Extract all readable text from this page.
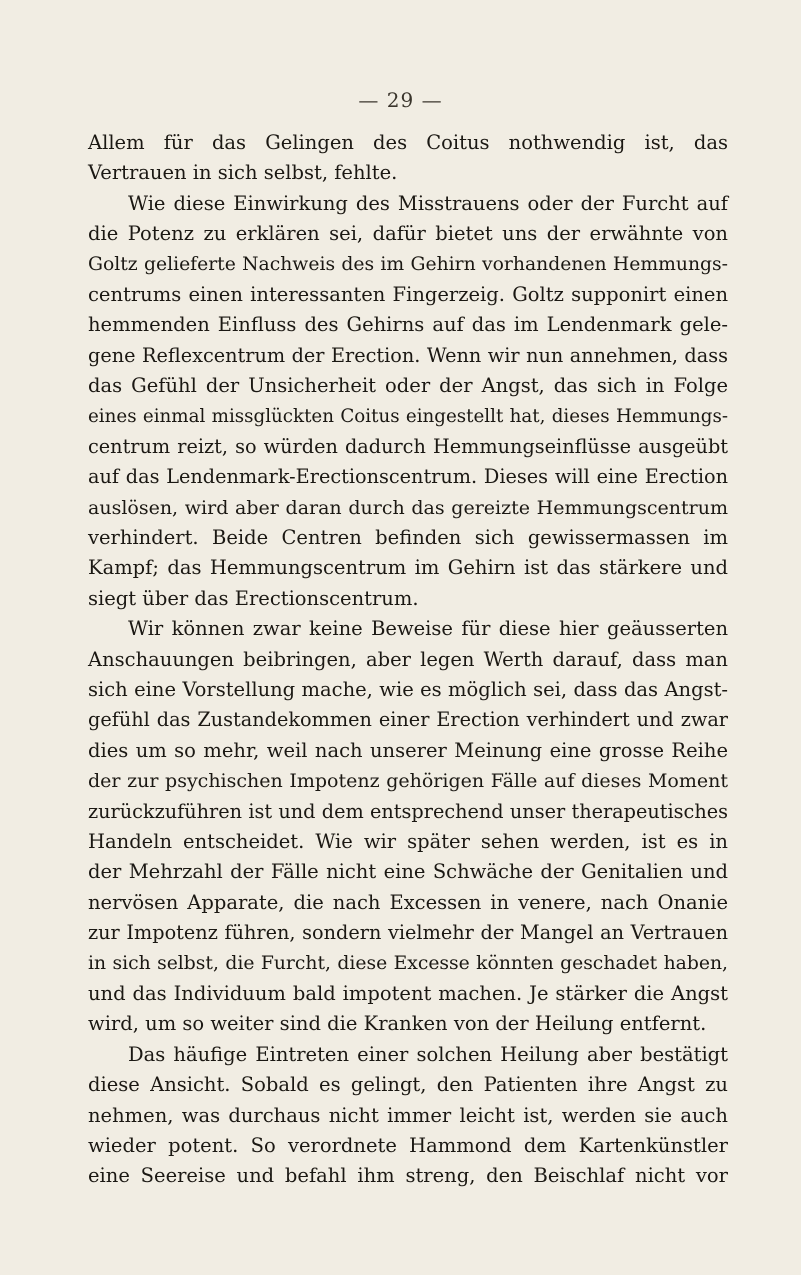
— 29 —
Allem für das Gelingen des Coitus nothwendig ist, das
Vertrauen in sich selbst, fehlte.
Wie diese Einwirkung des Misstrauens oder der Furcht auf
die Potenz zu erklären sei, dafür bietet uns der erwähnte von
Goltz gelieferte Nachweis des im Gehirn vorhandenen Hemmungs-
centrums einen interessanten Fingerzeig. Goltz supponirt einen
hemmenden Einfluss des Gehirns auf das im Lendenmark gele-
gene Reflexcentrum der Erection. Wenn wir nun annehmen, dass
das Gefühl der Unsicherheit oder der Angst, das sich in Folge
eines einmal missglückten Coitus eingestellt hat, dieses Hemmungs-
centrum reizt, so würden dadurch Hemmungseinflüsse ausgeübt
auf das Lendenmark-Erectionscentrum. Dieses will eine Erection
auslösen, wird aber daran durch das gereizte Hemmungscentrum
verhindert. Beide Centren befinden sich gewissermassen im
Kampf; das Hemmungscentrum im Gehirn ist das stärkere und
siegt über das Erectionscentrum.
Wir können zwar keine Beweise für diese hier geäusserten
Anschauungen beibringen, aber legen Werth darauf, dass man
sich eine Vorstellung mache, wie es möglich sei, dass das Angst-
gefühl das Zustandekommen einer Erection verhindert und zwar
dies um so mehr, weil nach unserer Meinung eine grosse Reihe
der zur psychischen Impotenz gehörigen Fälle auf dieses Moment
zurückzuführen ist und dem entsprechend unser therapeutisches
Handeln entscheidet. Wie wir später sehen werden, ist es in
der Mehrzahl der Fälle nicht eine Schwäche der Genitalien und
nervösen Apparate, die nach Excessen in venere, nach Onanie
zur Impotenz führen, sondern vielmehr der Mangel an Vertrauen
in sich selbst, die Furcht, diese Excesse könnten geschadet haben,
und das Individuum bald impotent machen. Je stärker die Angst
wird, um so weiter sind die Kranken von der Heilung entfernt.
Das häufige Eintreten einer solchen Heilung aber bestätigt
diese Ansicht. Sobald es gelingt, den Patienten ihre Angst zu
nehmen, was durchaus nicht immer leicht ist, werden sie auch
wieder potent. So verordnete Hammond dem Kartenkünstler
eine Seereise und befahl ihm streng, den Beischlaf nicht vor
